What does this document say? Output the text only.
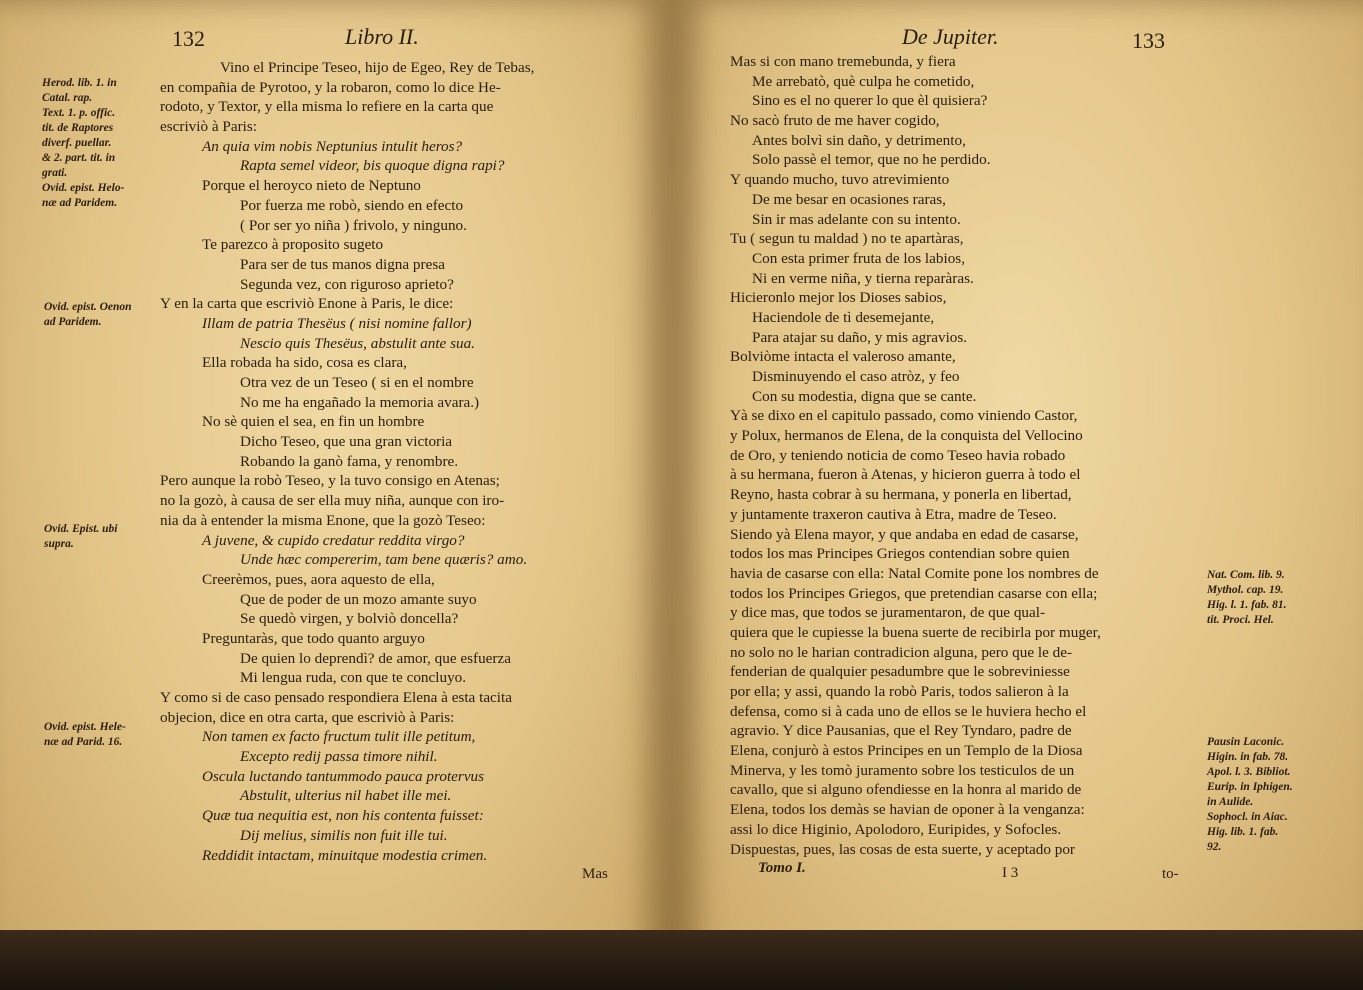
132	Libro II.
Vino el Principe Teseo, hijo de Egeo, Rey de Tebas,
en compañia de Pyrotoo, y la robaron, como lo dice He-
rodoto, y Textor, y ella misma lo refiere en la carta que
escriviò à Paris:
An quia vim nobis Neptunius intulit heros?
Rapta semel videor, bis quoque digna rapi?
Porque el heroyco nieto de Neptuno
Por fuerza me robò, siendo en efecto
( Por ser yo niña ) frivolo, y ninguno.
Te parezco à proposito sugeto
Para ser de tus manos digna presa
Segunda vez, con riguroso aprieto?
Y en la carta que escriviò Enone à Paris, le dice:
Illam de patria Thesëus ( nisi nomine fallor)
Nescio quis Thesëus, abstulit ante sua.
Ella robada ha sido, cosa es clara,
Otra vez de un Teseo ( si en el nombre
No me ha engañado la memoria avara.)
No sè quien el sea, en fin un hombre
Dicho Teseo, que una gran victoria
Robando la ganò fama, y renombre.
Pero aunque la robò Teseo, y la tuvo consigo en Atenas;
no la gozò, à causa de ser ella muy niña, aunque con iro-
nia da à entender la misma Enone, que la gozò Teseo:
A juvene, & cupido credatur reddita virgo?
Unde hæc compererim, tam bene quæris? amo.
Creerèmos, pues, aora aquesto de ella,
Que de poder de un mozo amante suyo
Se quedò virgen, y bolviò doncella?
Preguntaràs, que todo quanto arguyo
De quien lo deprendì? de amor, que esfuerza
Mi lengua ruda, con que te concluyo.
Y como si de caso pensado respondiera Elena à esta tacita
objecion, dice en otra carta, que escriviò à Paris:
Non tamen ex facto fructum tulit ille petitum,
Excepto redij passa timore nihil.
Oscula luctando tantummodo pauca protervus
Abstulit, ulterius nil habet ille mei.
Quæ tua nequitia est, non his contenta fuisset:
Dij melius, similis non fuit ille tui.
Reddidit intactam, minuitque modestia crimen.
Herod. lib. 1. in
Catal. rap.
Text. 1. p. offic.
tit. de Raptores
diverf. puellar.
& 2. part. tit. in
grati.
Ovid. epist. Helo-
næ ad Paridem.
Ovid. epist. Oenon
ad Paridem.
Ovid. Epist. ubi
supra.
Ovid. epist. Hele-
næ ad Parid. 16.
Mas
De Jupiter.	133
Mas si con mano tremebunda, y fiera
Me arrebatò, què culpa he cometido,
Sino es el no querer lo que èl quisiera?
No sacò fruto de me haver cogido,
Antes bolvì sin daño, y detrimento,
Solo passè el temor, que no he perdido.
Y quando mucho, tuvo atrevimiento
De me besar en ocasiones raras,
Sin ir mas adelante con su intento.
Tu ( segun tu maldad ) no te apartàras,
Con esta primer fruta de los labios,
Ni en verme niña, y tierna reparàras.
Hicieronlo mejor los Dioses sabios,
Haciendole de tì desemejante,
Para atajar su daño, y mis agravios.
Bolviòme intacta el valeroso amante,
Disminuyendo el caso atròz, y feo
Con su modestia, digna que se cante.
Yà se dixo en el capitulo passado, como viniendo Castor,
y Polux, hermanos de Elena, de la conquista del Vellocino
de Oro, y teniendo noticia de como Teseo havia robado
à su hermana, fueron à Atenas, y hicieron guerra à todo el
Reyno, hasta cobrar à su hermana, y ponerla en libertad,
y juntamente traxeron cautiva à Etra, madre de Teseo.
Siendo yà Elena mayor, y que andaba en edad de casarse,
todos los mas Principes Griegos contendian sobre quien
havia de casarse con ella: Natal Comite pone los nombres de
todos los Principes Griegos, que pretendian casarse con ella;
y dice mas, que todos se juramentaron, de que qual-
quiera que le cupiesse la buena suerte de recibirla por muger,
no solo no le harian contradicion alguna, pero que le de-
fenderian de qualquier pesadumbre que le sobreviniesse
por ella; y assi, quando la robò Paris, todos salieron à la
defensa, como si à cada uno de ellos se le huviera hecho el
agravio. Y dice Pausanias, que el Rey Tyndaro, padre de
Elena, conjurò à estos Principes en un Templo de la Diosa
Minerva, y les tomò juramento sobre los testiculos de un
cavallo, que si alguno ofendiesse en la honra al marido de
Elena, todos los demàs se havian de oponer à la venganza:
assi lo dice Higinio, Apolodoro, Euripides, y Sofocles.
Dispuestas, pues, las cosas de esta suerte, y aceptado por
Nat. Com. lib. 9.
Mythol. cap. 19.
Hig. l. 1. fab. 81.
tit. Proci. Hel.
Pausin Laconic.
Higin. in fab. 78.
Apol. l. 3. Bibliot.
Eurip. in Iphigen.
in Aulide.
Sophocl. in Aiac.
Hig. lib. 1. fab.
92.
Tomo I.	I 3	to-
